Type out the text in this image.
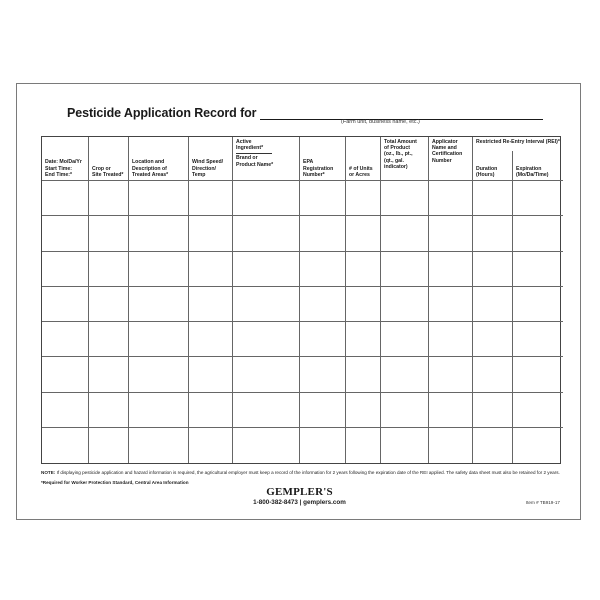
Pesticide Application Record for
(Farm unit, business name, etc.)
Date: Mo/Da/Yr
Start Time:
End Time:*
Crop or
Site Treated*
Location and
Description of
Treated Areas*
Wind Speed/
Direction/
Temp
Active
Ingredient*
Brand or
Product Name*	EPA
Registration
Number*
# of Units
or Acres
Total Amount
of Product
(oz., lb., pt.,
(qt., gal.
indicator)
Applicator
Name and
Certification
Number
Restricted Re-Entry Interval (REI)*
Duration
(Hours)
Expiration
(Mo/Da/Time)
NOTE: If displaying pesticide application and hazard information is required, the agricultural employer must keep a record of the information for 2 years following the expiration date of the REI applied. The safety data sheet must also be retained for 2 years.
*Required for Worker Protection Standard, Central Area Information
GEMPLER'S
1-800-382-8473 | gemplers.com	Item # TB919-17
